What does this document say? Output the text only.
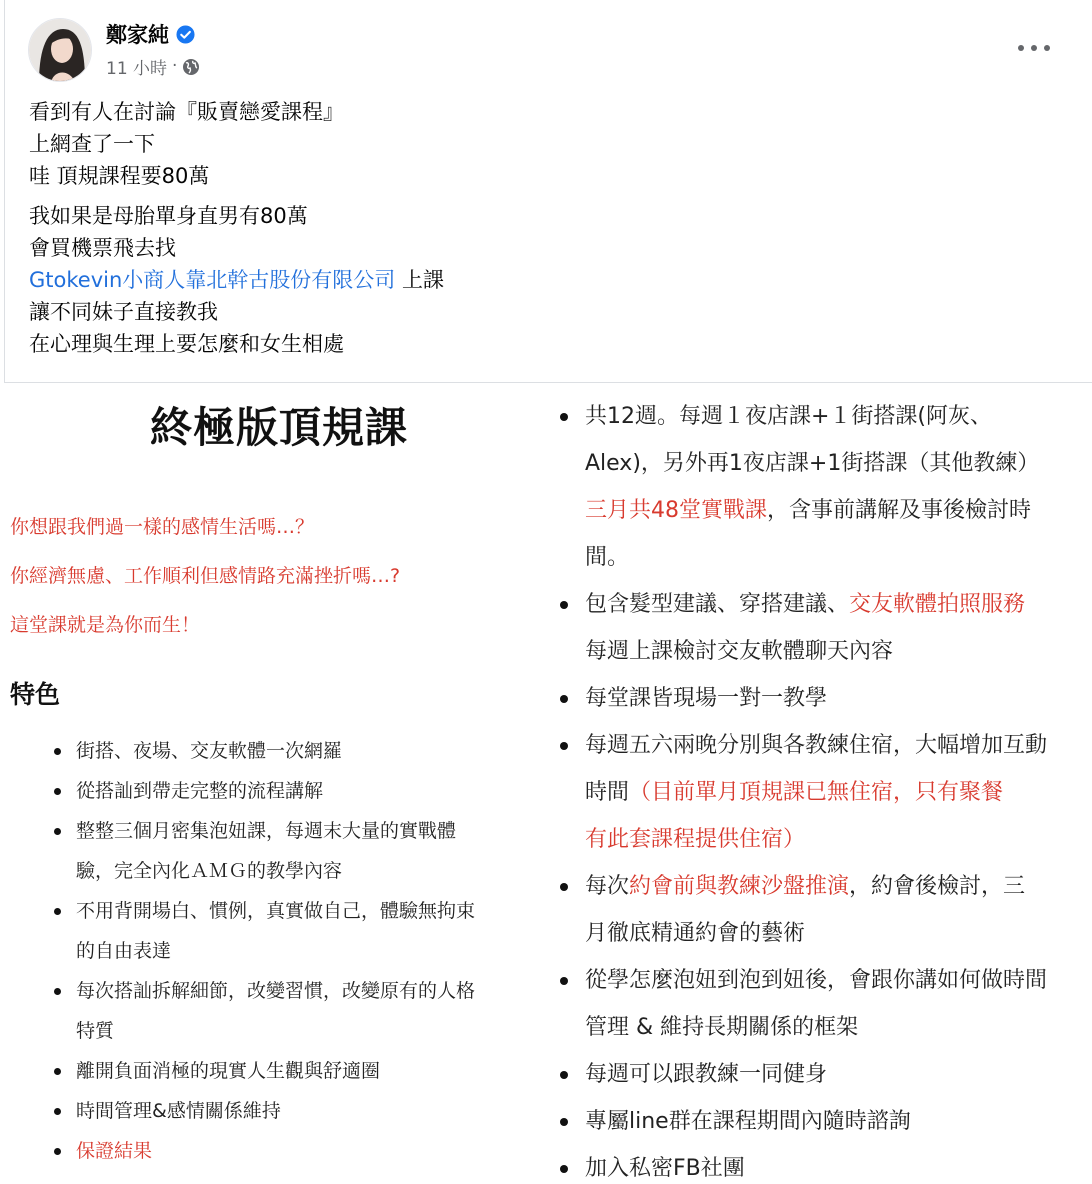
鄭家純
11 小時 ·
看到有人在討論『販賣戀愛課程』
上網查了一下
哇 頂規課程要80萬
我如果是母胎單身直男有80萬
會買機票飛去找
Gtokevin小商人靠北幹古股份有限公司 上課
讓不同妹子直接教我
在心理與生理上要怎麼和女生相處
終極版頂規課
你想跟我們過一樣的感情生活嗎…？
你經濟無慮、工作順利但感情路充滿挫折嗎…?
這堂課就是為你而生！
特色
街搭、夜場、交友軟體一次網羅
從搭訕到帶走完整的流程講解
整整三個月密集泡妞課，每週末大量的實戰體
驗，完全內化ＡＭＧ的教學內容
不用背開場白、慣例，真實做自己，體驗無拘束
的自由表達
每次搭訕拆解細節，改變習慣，改變原有的人格
特質
離開負面消極的現實人生觀與舒適圈
時間管理&感情關係維持
保證結果
共12週。每週１夜店課+１街搭課(阿灰、
Alex)，另外再1夜店課+1街搭課（其他教練）
三月共48堂實戰課，含事前講解及事後檢討時
間。
包含髮型建議、穿搭建議、交友軟體拍照服務
每週上課檢討交友軟體聊天內容
每堂課皆現場一對一教學
每週五六兩晚分別與各教練住宿，大幅增加互動
時間（目前單月頂規課已無住宿，只有聚餐
有此套課程提供住宿）
每次約會前與教練沙盤推演，約會後檢討，三
月徹底精通約會的藝術
從學怎麼泡妞到泡到妞後，會跟你講如何做時間
管理 & 維持長期關係的框架
每週可以跟教練一同健身
專屬line群在課程期間內隨時諮詢
加入私密FB社團
